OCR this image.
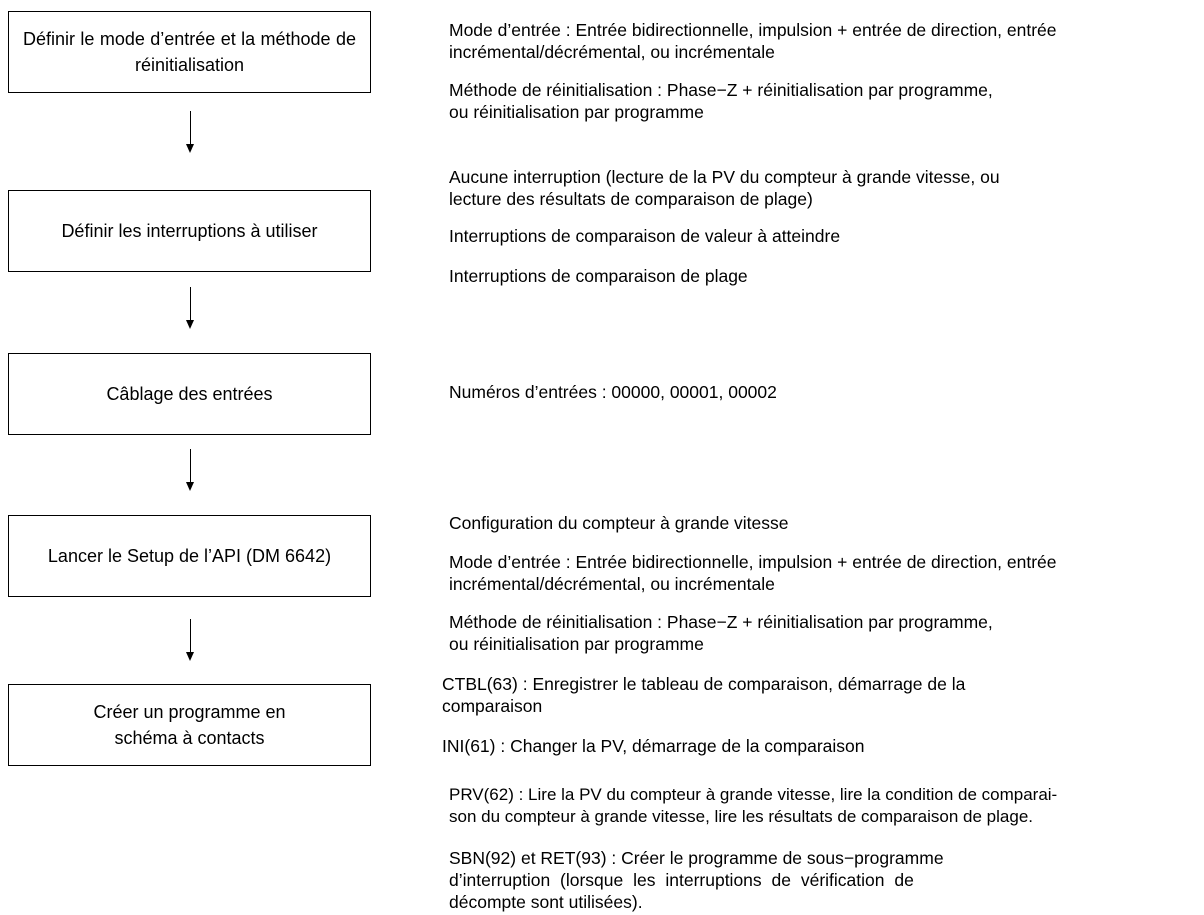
Définir le mode d’entrée et la méthode de réinitialisation
Définir les interruptions à utiliser
Câblage des entrées
Lancer le Setup de l’API (DM 6642)
Créer un programme en
schéma à contacts
Mode d’entrée : Entrée bidirectionnelle, impulsion + entrée de direction, entrée
incrémental/décrémental, ou incrémentale
Méthode de réinitialisation : Phase−Z + réinitialisation par programme,
ou réinitialisation par programme
Aucune interruption (lecture de la PV du compteur à grande vitesse, ou
lecture des résultats de comparaison de plage)
Interruptions de comparaison de valeur à atteindre
Interruptions de comparaison de plage
Numéros d’entrées : 00000, 00001, 00002
Configuration du compteur à grande vitesse
Mode d’entrée : Entrée bidirectionnelle, impulsion + entrée de direction, entrée
incrémental/décrémental, ou incrémentale
Méthode de réinitialisation : Phase−Z + réinitialisation par programme,
ou réinitialisation par programme
CTBL(63) : Enregistrer le tableau de comparaison, démarrage de la
comparaison
INI(61) : Changer la PV, démarrage de la comparaison
PRV(62) : Lire la PV du compteur à grande vitesse, lire la condition de comparai-
son du compteur à grande vitesse, lire les résultats de comparaison de plage.
SBN(92) et RET(93) : Créer le programme de sous−programme
d’interruption (lorsque les interruptions de vérification de
décompte sont utilisées).
